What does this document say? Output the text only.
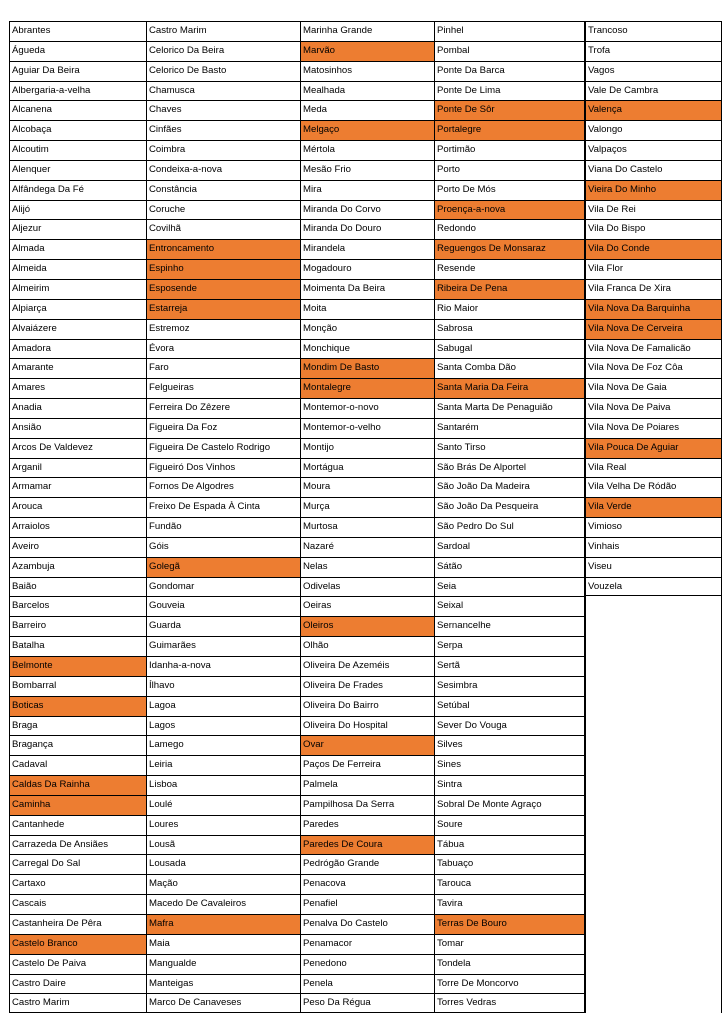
Abrantes
Águeda
Aguiar Da Beira
Albergaria-a-velha
Alcanena
Alcobaça
Alcoutim
Alenquer
Alfândega Da Fé
Alijó
Aljezur
Almada
Almeida
Almeirim
Alpiarça
Alvaiázere
Amadora
Amarante
Amares
Anadia
Ansião
Arcos De Valdevez
Arganil
Armamar
Arouca
Arraiolos
Aveiro
Azambuja
Baião
Barcelos
Barreiro
Batalha
Belmonte
Bombarral
Boticas
Braga
Bragança
Cadaval
Caldas Da Rainha
Caminha
Cantanhede
Carrazeda De Ansiães
Carregal Do Sal
Cartaxo
Cascais
Castanheira De Pêra
Castelo Branco
Castelo De Paiva
Castro Daire
Castro Marim
Castro Marim
Celorico Da Beira
Celorico De Basto
Chamusca
Chaves
Cinfães
Coimbra
Condeixa-a-nova
Constância
Coruche
Covilhã
Entroncamento
Espinho
Esposende
Estarreja
Estremoz
Évora
Faro
Felgueiras
Ferreira Do Zêzere
Figueira Da Foz
Figueira De Castelo Rodrigo
Figueiró Dos Vinhos
Fornos De Algodres
Freixo De Espada À Cinta
Fundão
Góis
Golegã
Gondomar
Gouveia
Guarda
Guimarães
Idanha-a-nova
Ílhavo
Lagoa
Lagos
Lamego
Leiria
Lisboa
Loulé
Loures
Lousã
Lousada
Mação
Macedo De Cavaleiros
Mafra
Maia
Mangualde
Manteigas
Marco De Canaveses
Marinha Grande
Marvão
Matosinhos
Mealhada
Meda
Melgaço
Mértola
Mesão Frio
Mira
Miranda Do Corvo
Miranda Do Douro
Mirandela
Mogadouro
Moimenta Da Beira
Moita
Monção
Monchique
Mondim De Basto
Montalegre
Montemor-o-novo
Montemor-o-velho
Montijo
Mortágua
Moura
Murça
Murtosa
Nazaré
Nelas
Odivelas
Oeiras
Oleiros
Olhão
Oliveira De Azeméis
Oliveira De Frades
Oliveira Do Bairro
Oliveira Do Hospital
Ovar
Paços De Ferreira
Palmela
Pampilhosa Da Serra
Paredes
Paredes De Coura
Pedrógão Grande
Penacova
Penafiel
Penalva Do Castelo
Penamacor
Penedono
Penela
Peso Da Régua
Pinhel
Pombal
Ponte Da Barca
Ponte De Lima
Ponte De Sôr
Portalegre
Portimão
Porto
Porto De Mós
Proença-a-nova
Redondo
Reguengos De Monsaraz
Resende
Ribeira De Pena
Rio Maior
Sabrosa
Sabugal
Santa Comba Dão
Santa Maria Da Feira
Santa Marta De Penaguião
Santarém
Santo Tirso
São Brás De Alportel
São João Da Madeira
São João Da Pesqueira
São Pedro Do Sul
Sardoal
Sátão
Seia
Seixal
Sernancelhe
Serpa
Sertã
Sesimbra
Setúbal
Sever Do Vouga
Silves
Sines
Sintra
Sobral De Monte Agraço
Soure
Tábua
Tabuaço
Tarouca
Tavira
Terras De Bouro
Tomar
Tondela
Torre De Moncorvo
Torres Vedras
Trancoso
Trofa
Vagos
Vale De Cambra
Valença
Valongo
Valpaços
Viana Do Castelo
Vieira Do Minho
Vila De Rei
Vila Do Bispo
Vila Do Conde
Vila Flor
Vila Franca De Xira
Vila Nova Da Barquinha
Vila Nova De Cerveira
Vila Nova De Famalicão
Vila Nova De Foz Côa
Vila Nova De Gaia
Vila Nova De Paiva
Vila Nova De Poiares
Vila Pouca De Aguiar
Vila Real
Vila Velha De Ródão
Vila Verde
Vimioso
Vinhais
Viseu
Vouzela
